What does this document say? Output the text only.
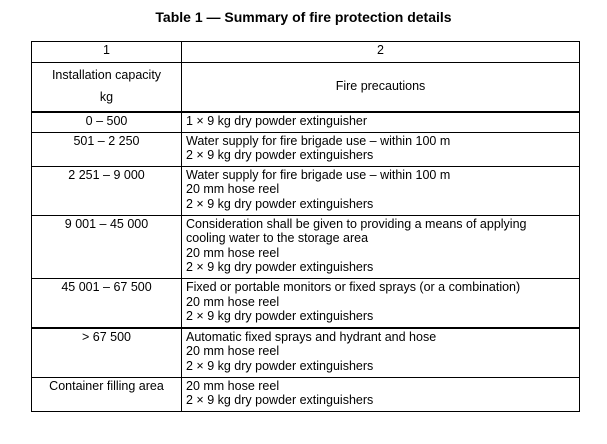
Table 1 — Summary of fire protection details
1	2

Installation capacity
kg	Fire precautions
0 – 500	1 × 9 kg dry powder extinguisher

501 – 2 250	Water supply for fire brigade use – within 100 m
2 × 9 kg dry powder extinguishers

2 251 – 9 000	Water supply for fire brigade use – within 100 m
20 mm hose reel
2 × 9 kg dry powder extinguishers

9 001 – 45 000	Consideration shall be given to providing a means of applying
cooling water to the storage area
20 mm hose reel
2 × 9 kg dry powder extinguishers

45 001 – 67 500	Fixed or portable monitors or fixed sprays (or a combination)
20 mm hose reel
2 × 9 kg dry powder extinguishers

> 67 500	Automatic fixed sprays and hydrant and hose
20 mm hose reel
2 × 9 kg dry powder extinguishers

Container filling area	20 mm hose reel
2 × 9 kg dry powder extinguishers
